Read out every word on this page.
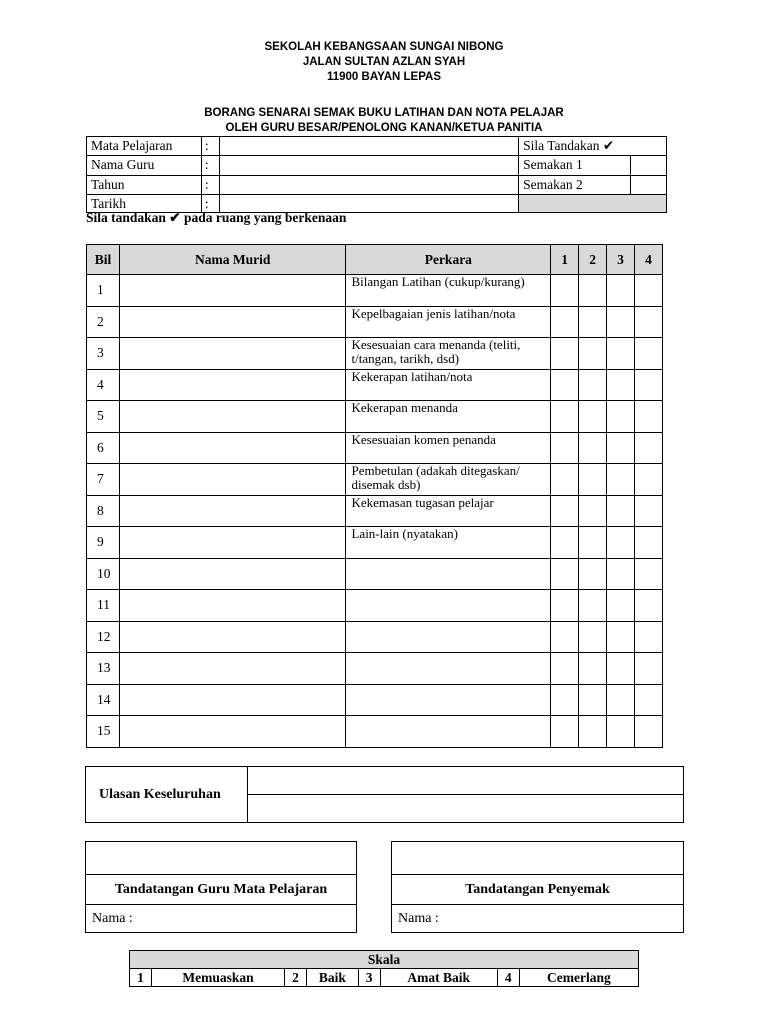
SEKOLAH KEBANGSAAN SUNGAI NIBONG
JALAN SULTAN AZLAN SYAH
11900 BAYAN LEPAS
BORANG SENARAI SEMAK BUKU LATIHAN DAN NOTA PELAJAR
OLEH GURU BESAR/PENOLONG KANAN/KETUA PANITIA
Mata Pelajaran	:			Sila Tandakan ✔

Nama Guru	:			Semakan 1	

Tahun	:			Semakan 2	

Tarikh	:		
Sila tandakan ✔ pada ruang yang berkenaan
Bil	Nama Murid	Perkara	1	2	3	4
1		Bilangan Latihan (cukup/kurang)				
2		Kepelbagaian jenis latihan/nota				
3		Kesesuaian cara menanda (teliti, t/tangan, tarikh, dsd)				
4		Kekerapan latihan/nota				
5		Kekerapan menanda				
6		Kesesuaian komen penanda				
7		Pembetulan (adakah ditegaskan/ disemak dsb)				
8		Kekemasan tugasan pelajar				
9		Lain-lain (nyatakan)				
10						
11						
12						
13						
14						
15						
Ulasan Keseluruhan	

Tandatangan Guru Mata Pelajaran
Nama :

Tandatangan Penyemak
Nama :
Skala
1	Memuaskan	2	Baik	3	Amat Baik	4	Cemerlang
